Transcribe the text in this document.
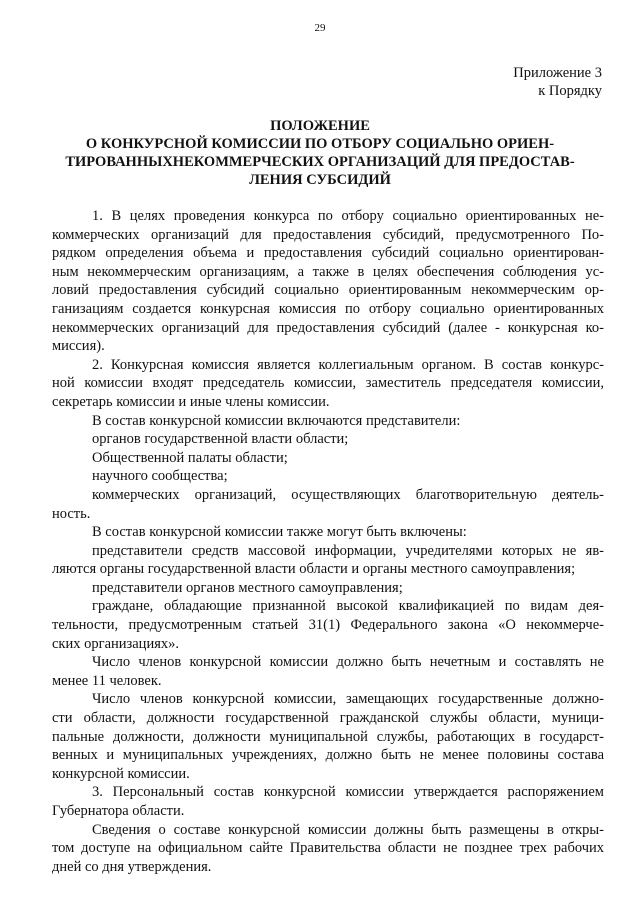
29
Приложение 3
к Порядку
ПОЛОЖЕНИЕ
О КОНКУРСНОЙ КОМИССИИ ПО ОТБОРУ СОЦИАЛЬНО ОРИЕН-
ТИРОВАННЫХНЕКОММЕРЧЕСКИХ ОРГАНИЗАЦИЙ ДЛЯ ПРЕДОСТАВ-
ЛЕНИЯ СУБСИДИЙ
1. В целях проведения конкурса по отбору социально ориентированных не-
коммерческих организаций для предоставления субсидий, предусмотренного По-
рядком определения объема и предоставления субсидий социально ориентирован-
ным некоммерческим организациям, а также в целях обеспечения соблюдения ус-
ловий предоставления субсидий социально ориентированным некоммерческим ор-
ганизациям создается конкурсная комиссия по отбору социально ориентированных
некоммерческих организаций для предоставления субсидий (далее - конкурсная ко-
миссия).
2. Конкурсная комиссия является коллегиальным органом. В состав конкурс-
ной комиссии входят председатель комиссии, заместитель председателя комиссии,
секретарь комиссии и иные члены комиссии.
В состав конкурсной комиссии включаются представители:
органов государственной власти области;
Общественной палаты области;
научного сообщества;
коммерческих организаций, осуществляющих благотворительную деятель-
ность.
В состав конкурсной комиссии также могут быть включены:
представители средств массовой информации, учредителями которых не яв-
ляются органы государственной власти области и органы местного самоуправления;
представители органов местного самоуправления;
граждане, обладающие признанной высокой квалификацией по видам дея-
тельности, предусмотренным статьей 31(1) Федерального закона «О некоммерче-
ских организациях».
Число членов конкурсной комиссии должно быть нечетным и составлять не
менее 11 человек.
Число членов конкурсной комиссии, замещающих государственные должно-
сти области, должности государственной гражданской службы области, муници-
пальные должности, должности муниципальной службы, работающих в государст-
венных и муниципальных учреждениях, должно быть не менее половины состава
конкурсной комиссии.
3. Персональный состав конкурсной комиссии утверждается распоряжением
Губернатора области.
Сведения о составе конкурсной комиссии должны быть размещены в откры-
том доступе на официальном сайте Правительства области не позднее трех рабочих
дней со дня утверждения.
